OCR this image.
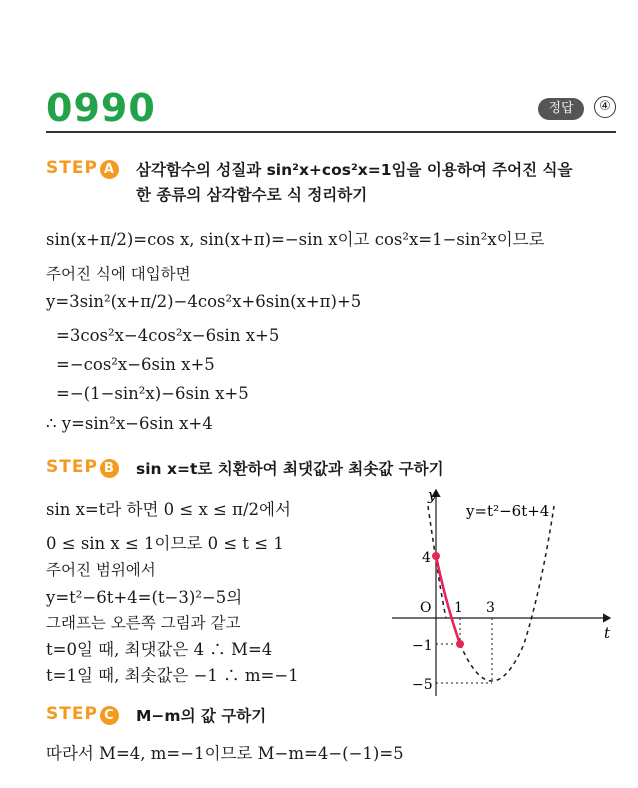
0990	정답	④
STEP A 삼각함수의 성질과 sin²x+cos²x=1임을 이용하여 주어진 식을
한 종류의 삼각함수로 식 정리하기
sin(x+π/2)=cos x, sin(x+π)=−sin x이고 cos²x=1−sin²x이므로
주어진 식에 대입하면
y=3sin²(x+π/2)−4cos²x+6sin(x+π)+5
=3cos²x−4cos²x−6sin x+5
=−cos²x−6sin x+5
=−(1−sin²x)−6sin x+5
∴ y=sin²x−6sin x+4
STEP B sin x=t로 치환하여 최댓값과 최솟값 구하기
sin x=t라 하면 0 ≤ x ≤ π/2에서
0 ≤ sin x ≤ 1이므로 0 ≤ t ≤ 1
주어진 범위에서
y=t²−6t+4=(t−3)²−5의
그래프는 오른쪽 그림과 같고
t=0일 때, 최댓값은 4 ∴ M=4
t=1일 때, 최솟값은 −1 ∴ m=−1
y
t
y=t²−6t+4
O 1 3
4
−1
−5
STEP C M−m의 값 구하기
따라서 M=4, m=−1이므로 M−m=4−(−1)=5
